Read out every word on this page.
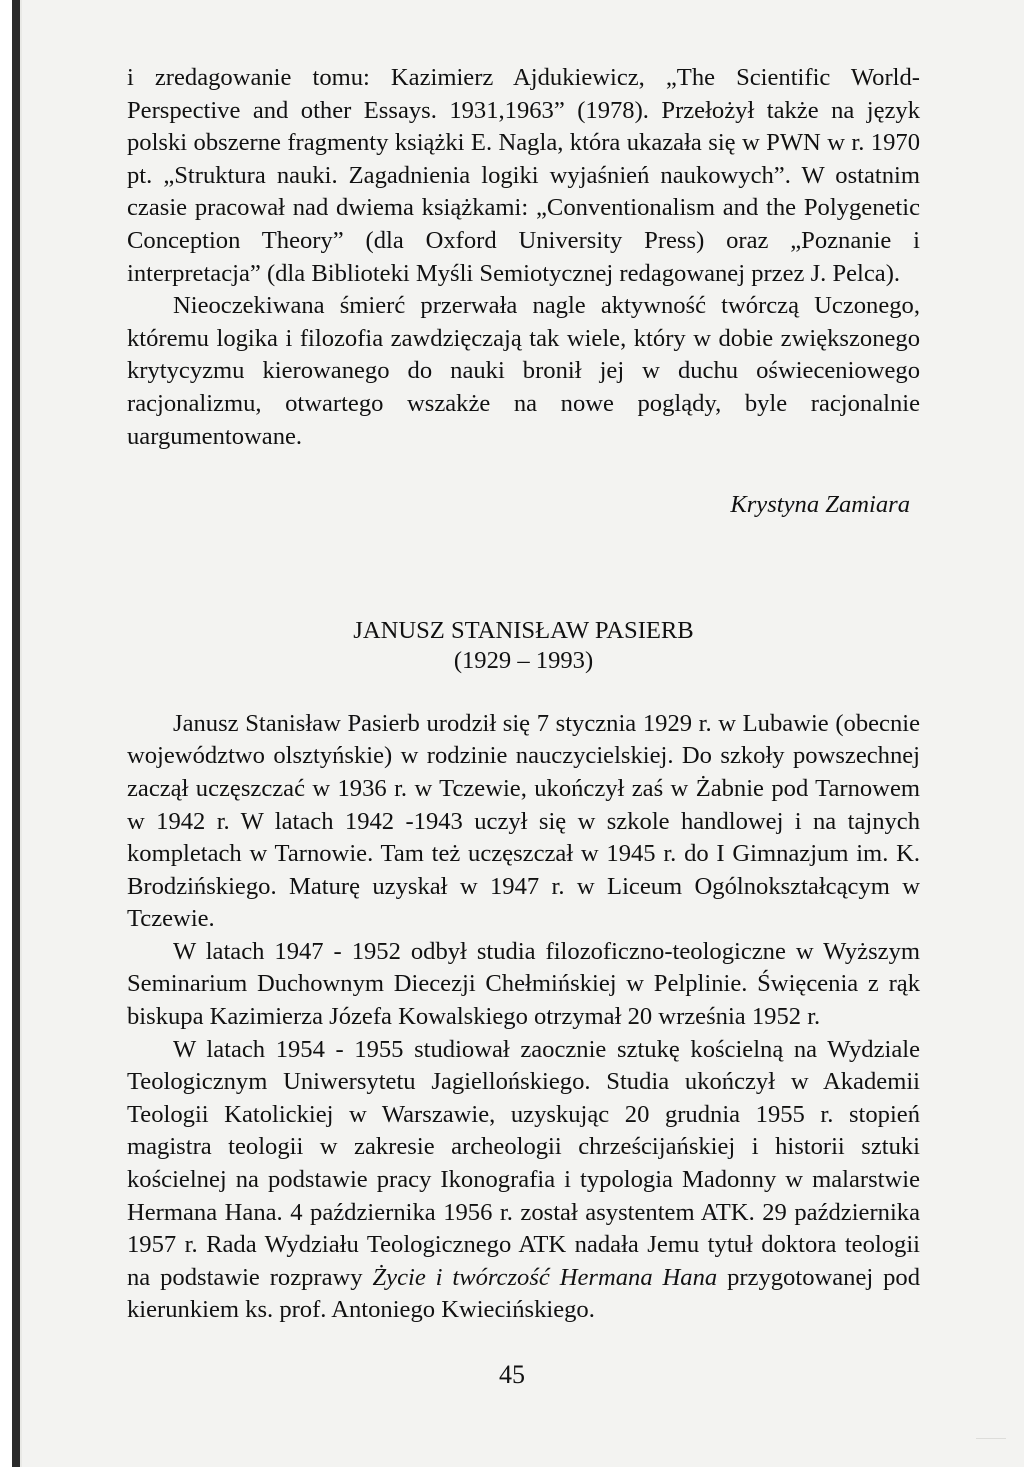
i zredagowanie tomu: Kazimierz Ajdukiewicz, „The Scientific World-Perspective and other Essays. 1931,1963” (1978). Przełożył także na język polski obszerne fragmenty książki E. Nagla, która ukazała się w PWN w r. 1970 pt. „Struktura nauki. Zagadnienia logiki wyjaśnień naukowych”. W ostatnim czasie pracował nad dwiema książkami: „Conventionalism and the Polygenetic Conception Theory” (dla Oxford University Press) oraz „Poznanie i interpretacja” (dla Biblioteki Myśli Semiotycznej redagowanej przez J. Pelca).

Nieoczekiwana śmierć przerwała nagle aktywność twórczą Uczonego, któremu logika i filozofia zawdzięczają tak wiele, który w dobie zwiększonego krytycyzmu kierowanego do nauki bronił jej w duchu oświeceniowego racjonalizmu, otwartego wszakże na nowe poglądy, byle racjonalnie uargumentowane.

Krystyna Zamiara

JANUSZ STANISŁAW PASIERB

(1929 – 1993)

Janusz Stanisław Pasierb urodził się 7 stycznia 1929 r. w Lubawie (obecnie województwo olsztyńskie) w rodzinie nauczycielskiej. Do szkoły powszechnej zaczął uczęszczać w 1936 r. w Tczewie, ukończył zaś w Żabnie pod Tarnowem w 1942 r. W latach 1942 -1943 uczył się w szkole handlowej i na tajnych kompletach w Tarnowie. Tam też uczęszczał w 1945 r. do I Gimnazjum im. K. Brodzińskiego. Maturę uzyskał w 1947 r. w Liceum Ogólnokształcącym w Tczewie.

W latach 1947 - 1952 odbył studia filozoficzno-teologiczne w Wyższym Seminarium Duchownym Diecezji Chełmińskiej w Pelplinie. Święcenia z rąk biskupa Kazimierza Józefa Kowalskiego otrzymał 20 września 1952 r.

W latach 1954 - 1955 studiował zaocznie sztukę kościelną na Wydziale Teologicznym Uniwersytetu Jagiellońskiego. Studia ukończył w Akademii Teologii Katolickiej w Warszawie, uzyskując 20 grudnia 1955 r. stopień magistra teologii w zakresie archeologii chrześcijańskiej i historii sztuki kościelnej na podstawie pracy Ikonografia i typologia Madonny w malarstwie Hermana Hana. 4 października 1956 r. został asystentem ATK. 29 października 1957 r. Rada Wydziału Teologicznego ATK nadała Jemu tytuł doktora teologii na podstawie rozprawy Życie i twórczość Hermana Hana przygotowanej pod kierunkiem ks. prof. Antoniego Kwiecińskiego.

45
